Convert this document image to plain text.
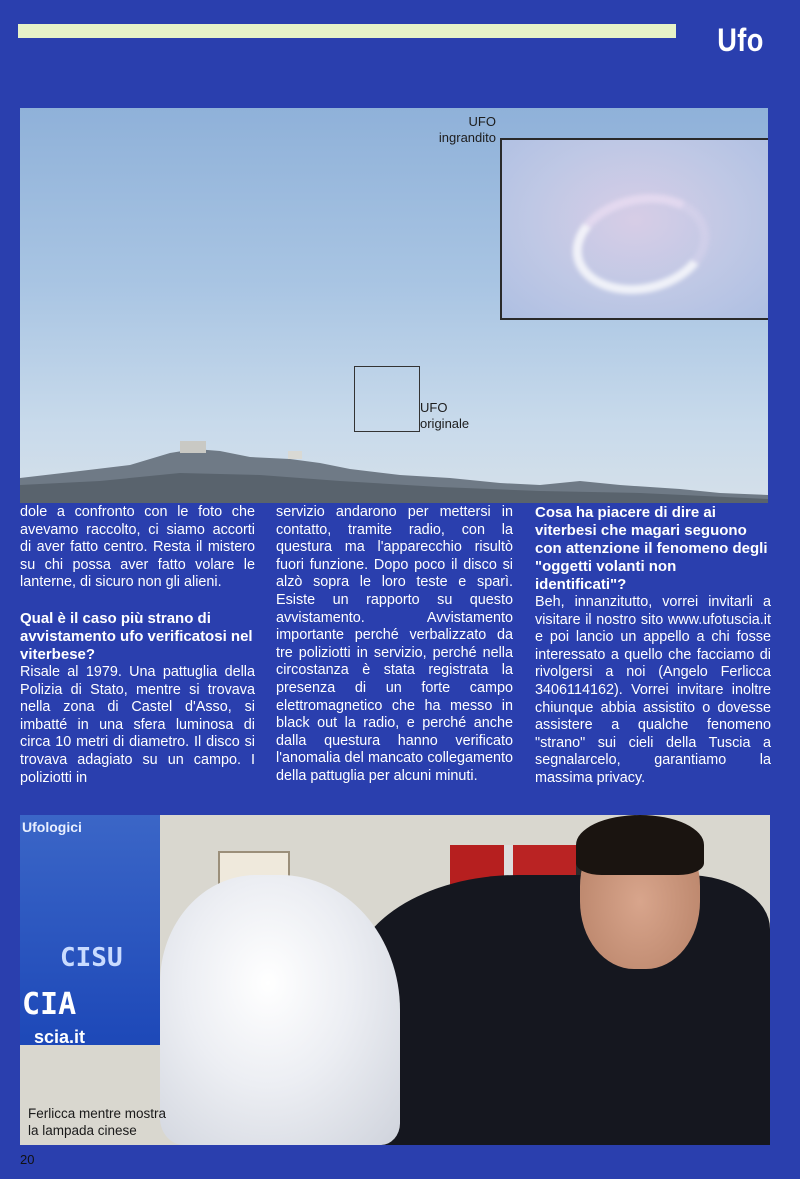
Ufo
UFO
ingrandito
UFO
originale

dole a confronto con le foto che avevamo raccolto, ci siamo accorti di aver fatto centro. Resta il mistero su chi possa aver fatto volare le lanterne, di sicuro non gli alieni.

Qual è il caso più strano di avvistamento ufo verificatosi nel viterbese?

Risale al 1979. Una pattuglia della Polizia di Stato, mentre si trovava nella zona di Castel d'Asso, si imbatté in una sfera luminosa di circa 10 metri di diametro. Il disco si trovava adagiato su un campo. I poliziotti in

servizio andarono per mettersi in contatto, tramite radio, con la questura ma l'apparecchio risultò fuori funzione. Dopo poco il disco si alzò sopra le loro teste e sparì. Esiste un rapporto su questo avvistamento. Avvistamento importante perché verbalizzato da tre poliziotti in servizio, perché nella circostanza è stata registrata la presenza di un forte campo elettromagnetico che ha messo in black out la radio, e perché anche dalla questura hanno verificato l'anomalia del mancato collegamento della pattuglia per alcuni minuti.

Cosa ha piacere di dire ai viterbesi che magari seguono con attenzione il fenomeno degli "oggetti volanti non identificati"?

Beh, innanzitutto, vorrei invitarli a visitare il nostro sito www.ufotuscia.it e poi lancio un appello a chi fosse interessato a quello che facciamo di rivolgersi a noi (Angelo Ferlicca 3406114162). Vorrei invitare inoltre chiunque abbia assistito o dovesse assistere a qualche fenomeno "strano" sui cieli della Tuscia a segnalarcelo, garantiamo la massima privacy.

Ufologici
CISU
CIA
scia.it
Ferlicca mentre mostra
la lampada cinese
20
